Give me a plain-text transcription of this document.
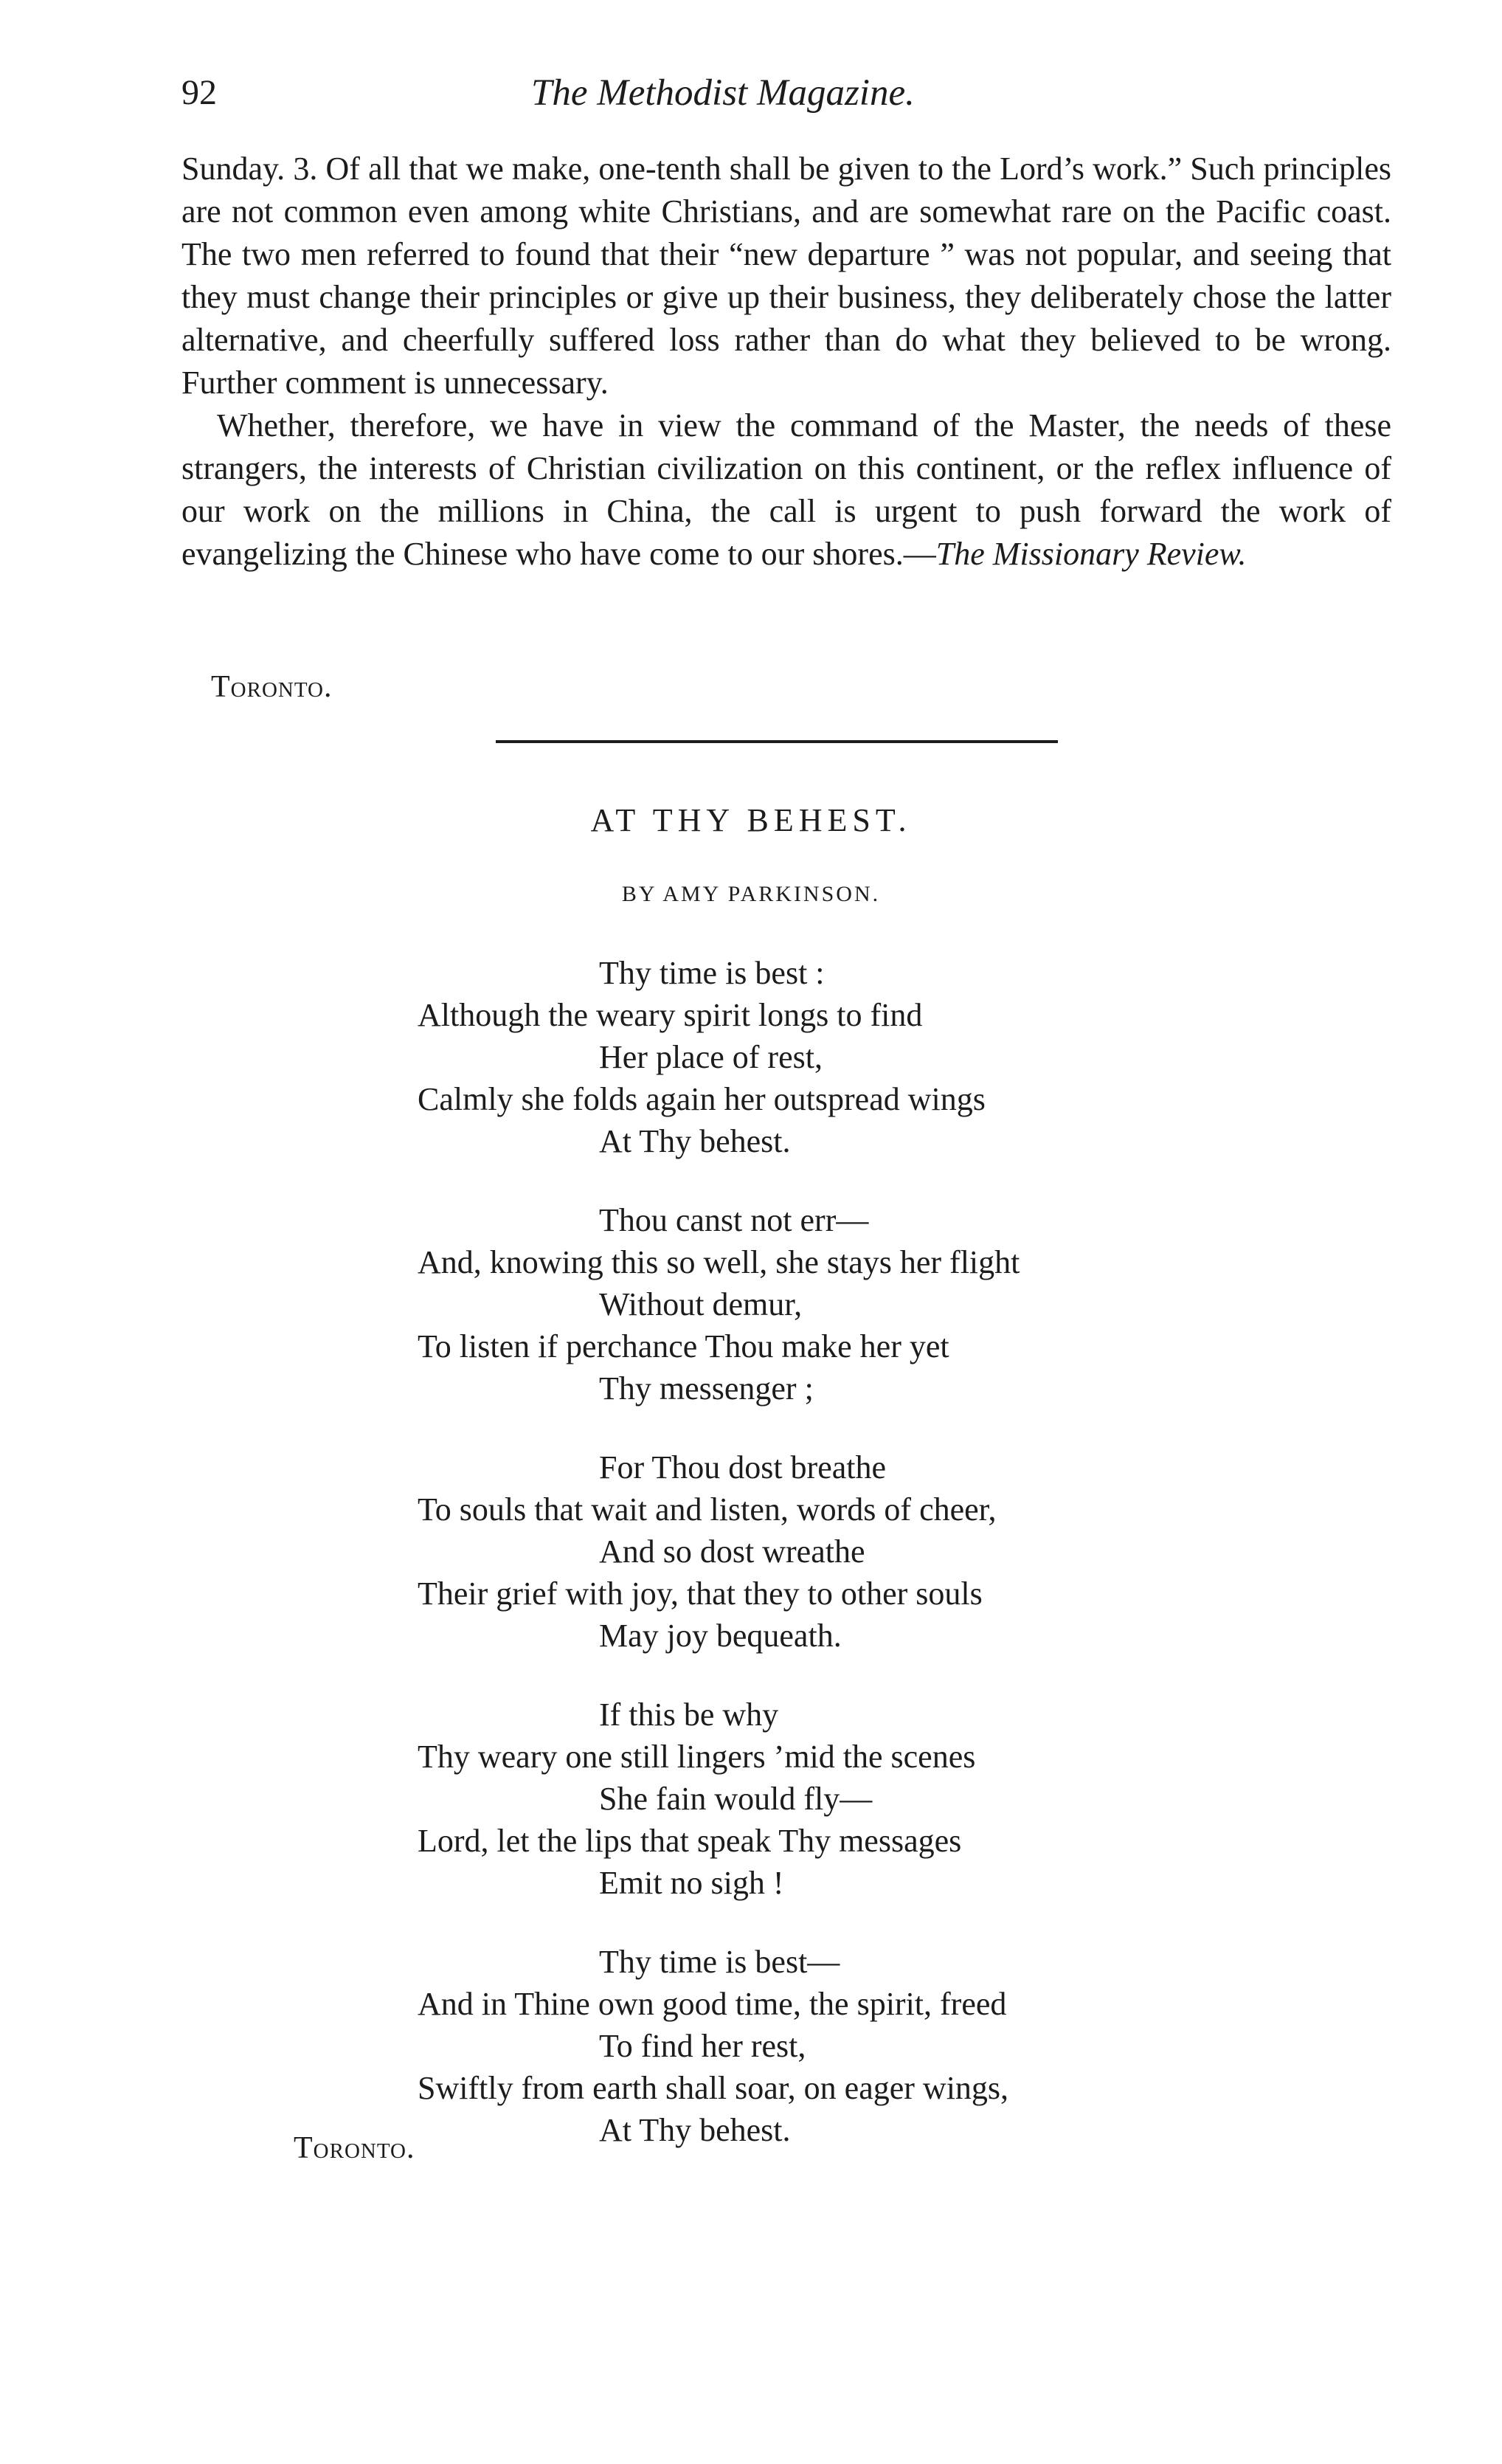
92	The Methodist Magazine.

Sunday. 3. Of all that we make, one-tenth shall be given to the Lord’s work.” Such principles are not common even among white Christians, and are somewhat rare on the Pacific coast. The two men referred to found that their “new departure ” was not popular, and seeing that they must change their principles or give up their business, they deliberately chose the latter alternative, and cheerfully suffered loss rather than do what they believed to be wrong. Further comment is unnecessary.

Whether, therefore, we have in view the command of the Master, the needs of these strangers, the interests of Christian civilization on this continent, or the reflex influence of our work on the millions in China, the call is urgent to push forward the work of evangelizing the Chinese who have come to our shores.—The Missionary Review.

Toronto.
AT THY BEHEST.
BY AMY PARKINSON.
Thy time is best :
Although the weary spirit longs to find
Her place of rest,
Calmly she folds again her outspread wings
At Thy behest.
Thou canst not err—
And, knowing this so well, she stays her flight
Without demur,
To listen if perchance Thou make her yet
Thy messenger ;
For Thou dost breathe
To souls that wait and listen, words of cheer,
And so dost wreathe
Their grief with joy, that they to other souls
May joy bequeath.
If this be why
Thy weary one still lingers ’mid the scenes
She fain would fly—
Lord, let the lips that speak Thy messages
Emit no sigh !
Thy time is best—
And in Thine own good time, the spirit, freed
To find her rest,
Swiftly from earth shall soar, on eager wings,
At Thy behest.
Toronto.
